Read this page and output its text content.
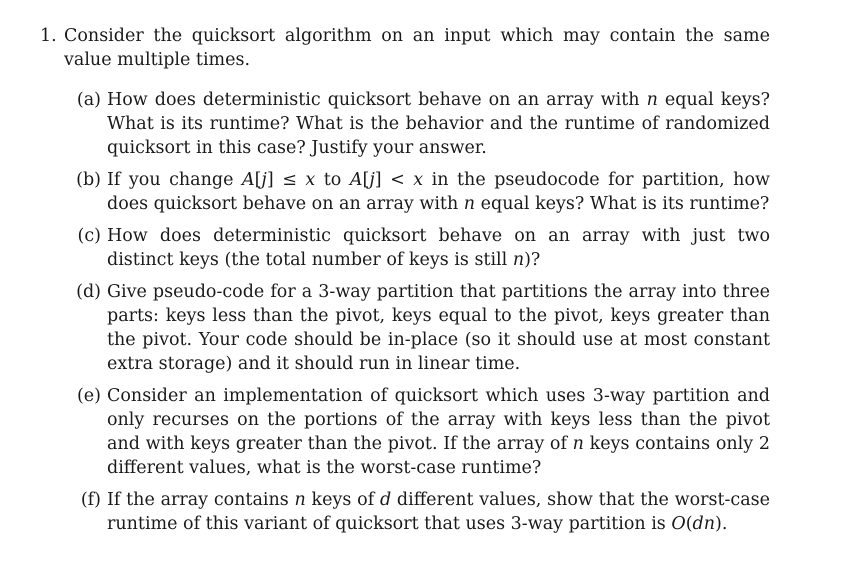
1. Consider the quicksort algorithm on an input which may contain the same value multiple times.
(a) How does deterministic quicksort behave on an array with n equal keys? What is its runtime? What is the behavior and the runtime of randomized quicksort in this case? Justify your answer.
(b) If you change A[j] ≤ x to A[j] < x in the pseudocode for partition, how does quicksort behave on an array with n equal keys? What is its runtime?
(c) How does deterministic quicksort behave on an array with just two distinct keys (the total number of keys is still n)?
(d) Give pseudo-code for a 3-way partition that partitions the array into three parts: keys less than the pivot, keys equal to the pivot, keys greater than the pivot. Your code should be in-place (so it should use at most constant extra storage) and it should run in linear time.
(e) Consider an implementation of quicksort which uses 3-way partition and only recurses on the portions of the array with keys less than the pivot and with keys greater than the pivot. If the array of n keys contains only 2 different values, what is the worst-case runtime?
(f) If the array contains n keys of d different values, show that the worst-case runtime of this variant of quicksort that uses 3-way partition is O(dn).
